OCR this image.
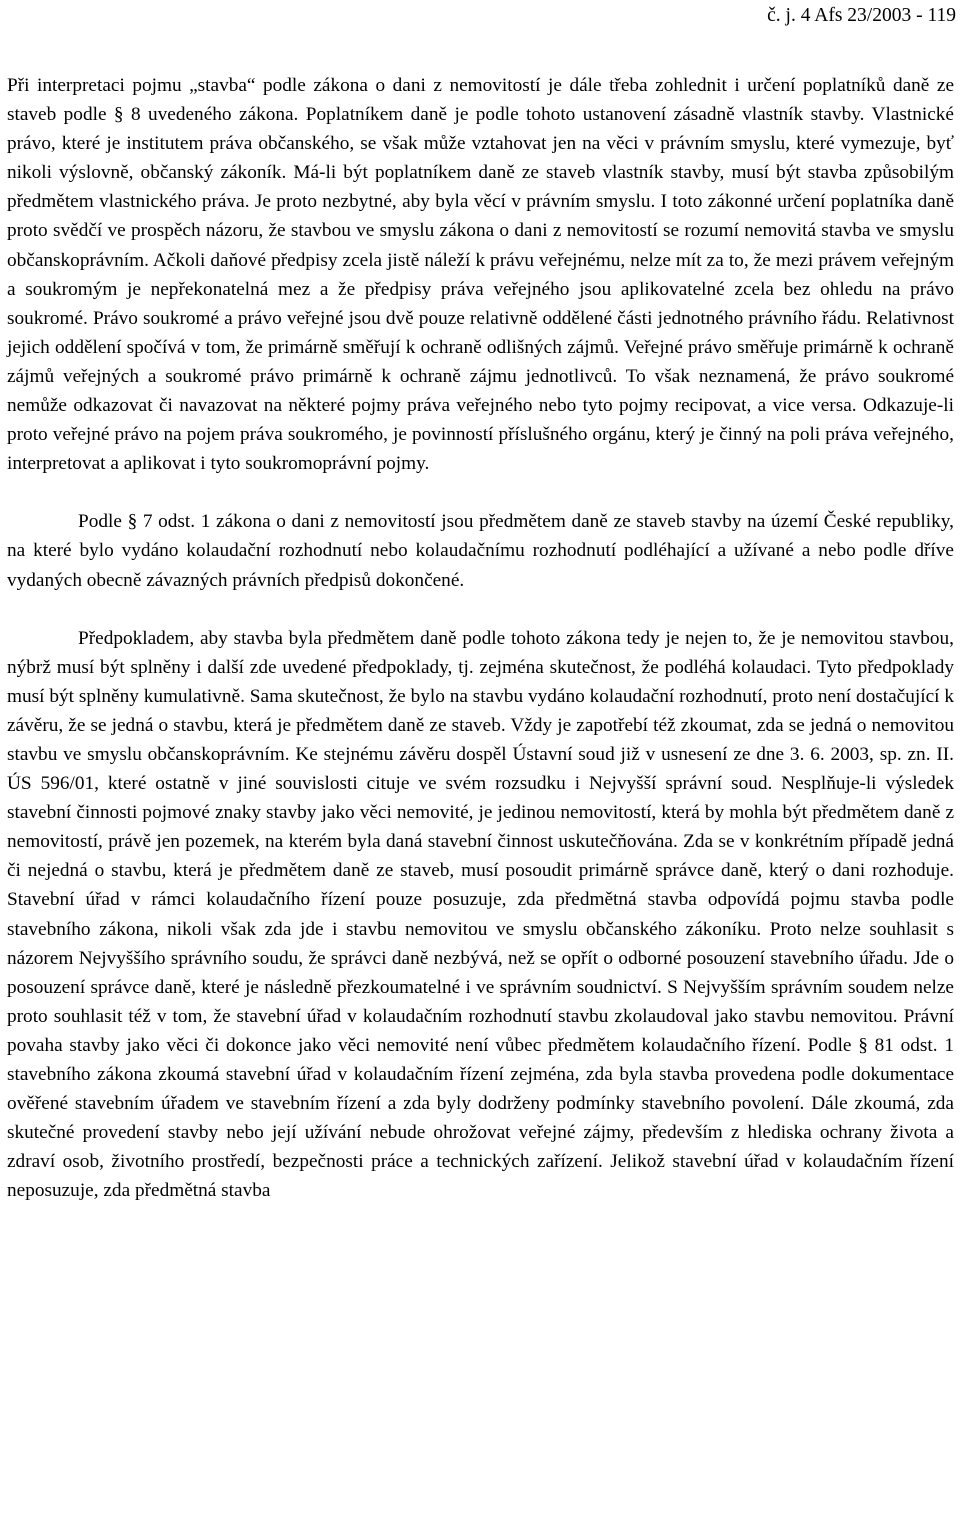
č. j. 4 Afs 23/2003 - 119

Při interpretaci pojmu „stavba“ podle zákona o dani z nemovitostí je dále třeba zohlednit i určení poplatníků daně ze staveb podle § 8 uvedeného zákona. Poplatníkem daně je podle tohoto ustanovení zásadně vlastník stavby. Vlastnické právo, které je institutem práva občanského, se však může vztahovat jen na věci v právním smyslu, které vymezuje, byť nikoli výslovně, občanský zákoník. Má-li být poplatníkem daně ze staveb vlastník stavby, musí být stavba způsobilým předmětem vlastnického práva. Je proto nezbytné, aby byla věcí v právním smyslu. I toto zákonné určení poplatníka daně proto svědčí ve prospěch názoru, že stavbou ve smyslu zákona o dani z nemovitostí se rozumí nemovitá stavba ve smyslu občanskoprávním. Ačkoli daňové předpisy zcela jistě náleží k právu veřejnému, nelze mít za to, že mezi právem veřejným a soukromým je nepřekonatelná mez a že předpisy práva veřejného jsou aplikovatelné zcela bez ohledu na právo soukromé. Právo soukromé a právo veřejné jsou dvě pouze relativně oddělené části jednotného právního řádu. Relativnost jejich oddělení spočívá v tom, že primárně směřují k ochraně odlišných zájmů. Veřejné právo směřuje primárně k ochraně zájmů veřejných a soukromé právo primárně k ochraně zájmu jednotlivců. To však neznamená, že právo soukromé nemůže odkazovat či navazovat na některé pojmy práva veřejného nebo tyto pojmy recipovat, a vice versa. Odkazuje-li proto veřejné právo na pojem práva soukromého, je povinností příslušného orgánu, který je činný na poli práva veřejného, interpretovat a aplikovat i tyto soukromoprávní pojmy.

Podle § 7 odst. 1 zákona o dani z nemovitostí jsou předmětem daně ze staveb stavby na území České republiky, na které bylo vydáno kolaudační rozhodnutí nebo kolaudačnímu rozhodnutí podléhající a užívané a nebo podle dříve vydaných obecně závazných právních předpisů dokončené.

Předpokladem, aby stavba byla předmětem daně podle tohoto zákona tedy je nejen to, že je nemovitou stavbou, nýbrž musí být splněny i další zde uvedené předpoklady, tj. zejména skutečnost, že podléhá kolaudaci. Tyto předpoklady musí být splněny kumulativně. Sama skutečnost, že bylo na stavbu vydáno kolaudační rozhodnutí, proto není dostačující k závěru, že se jedná o stavbu, která je předmětem daně ze staveb. Vždy je zapotřebí též zkoumat, zda se jedná o nemovitou stavbu ve smyslu občanskoprávním. Ke stejnému závěru dospěl Ústavní soud již v usnesení ze dne 3. 6. 2003, sp. zn. II. ÚS 596/01, které ostatně v jiné souvislosti cituje ve svém rozsudku i Nejvyšší správní soud. Nesplňuje-li výsledek stavební činnosti pojmové znaky stavby jako věci nemovité, je jedinou nemovitostí, která by mohla být předmětem daně z nemovitostí, právě jen pozemek, na kterém byla daná stavební činnost uskutečňována. Zda se v konkrétním případě jedná či nejedná o stavbu, která je předmětem daně ze staveb, musí posoudit primárně správce daně, který o dani rozhoduje. Stavební úřad v rámci kolaudačního řízení pouze posuzuje, zda předmětná stavba odpovídá pojmu stavba podle stavebního zákona, nikoli však zda jde i stavbu nemovitou ve smyslu občanského zákoníku. Proto nelze souhlasit s názorem Nejvyššího správního soudu, že správci daně nezbývá, než se opřít o odborné posouzení stavebního úřadu. Jde o posouzení správce daně, které je následně přezkoumatelné i ve správním soudnictví. S Nejvyšším správním soudem nelze proto souhlasit též v tom, že stavební úřad v kolaudačním rozhodnutí stavbu zkolaudoval jako stavbu nemovitou. Právní povaha stavby jako věci či dokonce jako věci nemovité není vůbec předmětem kolaudačního řízení. Podle § 81 odst. 1 stavebního zákona zkoumá stavební úřad v kolaudačním řízení zejména, zda byla stavba provedena podle dokumentace ověřené stavebním úřadem ve stavebním řízení a zda byly dodrženy podmínky stavebního povolení. Dále zkoumá, zda skutečné provedení stavby nebo její užívání nebude ohrožovat veřejné zájmy, především z hlediska ochrany života a zdraví osob, životního prostředí, bezpečnosti práce a technických zařízení. Jelikož stavební úřad v kolaudačním řízení neposuzuje, zda předmětná stavba
